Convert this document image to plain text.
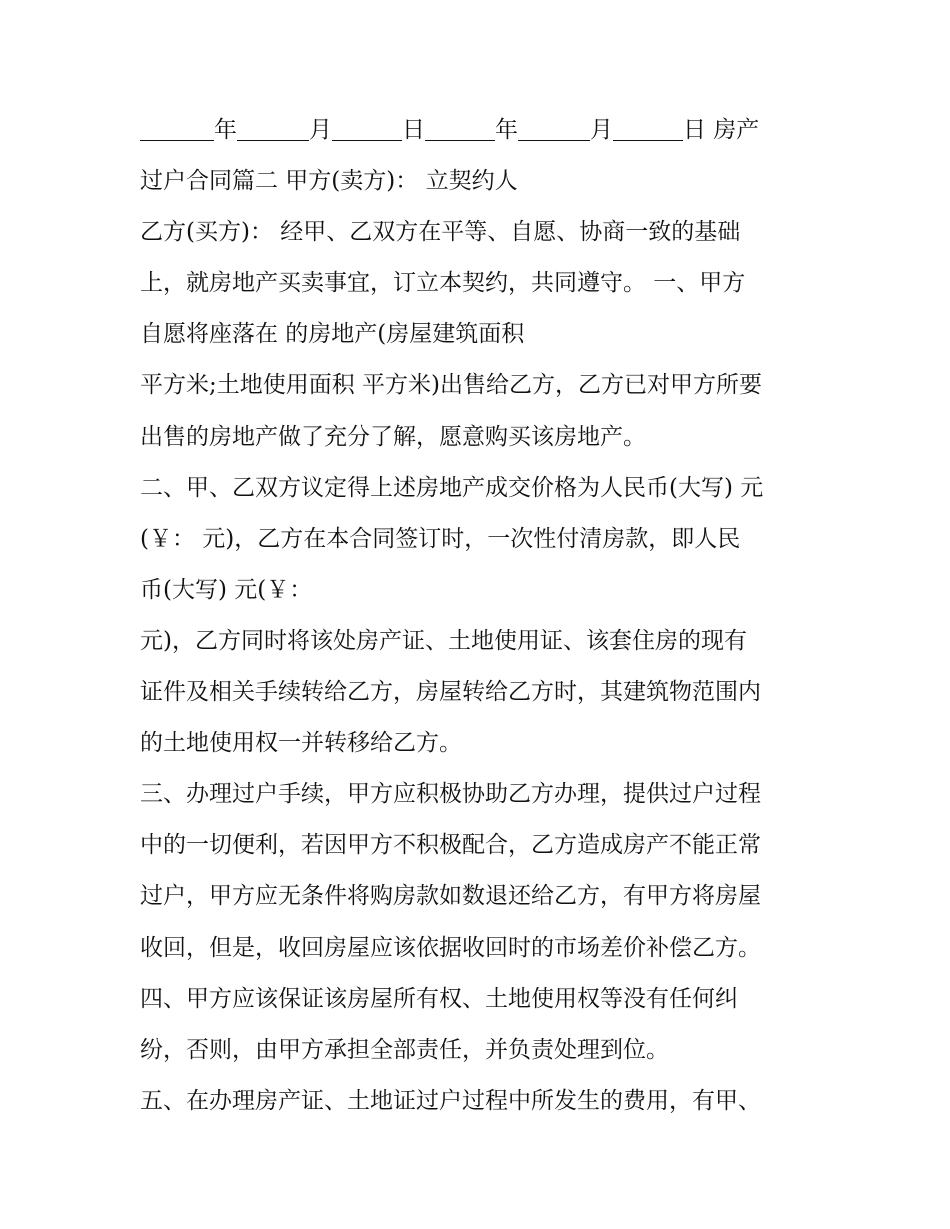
年	月	日	年	月	日 房产
过户合同篇二 甲方(卖方)： 立契约人
乙方(买方)： 经甲、乙双方在平等、自愿、协商一致的基础
上，就房地产买卖事宜，订立本契约，共同遵守。 一、甲方
自愿将座落在 的房地产(房屋建筑面积
平方米;土地使用面积 平方米)出售给乙方，乙方已对甲方所要
出售的房地产做了充分了解，愿意购买该房地产。
二、甲、乙双方议定得上述房地产成交价格为人民币(大写) 元
(￥： 元)，乙方在本合同签订时，一次性付清房款，即人民
币(大写) 元(￥：
元)，乙方同时将该处房产证、土地使用证、该套住房的现有
证件及相关手续转给乙方，房屋转给乙方时，其建筑物范围内
的土地使用权一并转移给乙方。
三、办理过户手续，甲方应积极协助乙方办理，提供过户过程
中的一切便利，若因甲方不积极配合，乙方造成房产不能正常
过户，甲方应无条件将购房款如数退还给乙方，有甲方将房屋
收回，但是，收回房屋应该依据收回时的市场差价补偿乙方。
四、甲方应该保证该房屋所有权、土地使用权等没有任何纠
纷，否则，由甲方承担全部责任，并负责处理到位。
五、在办理房产证、土地证过户过程中所发生的费用，有甲、
